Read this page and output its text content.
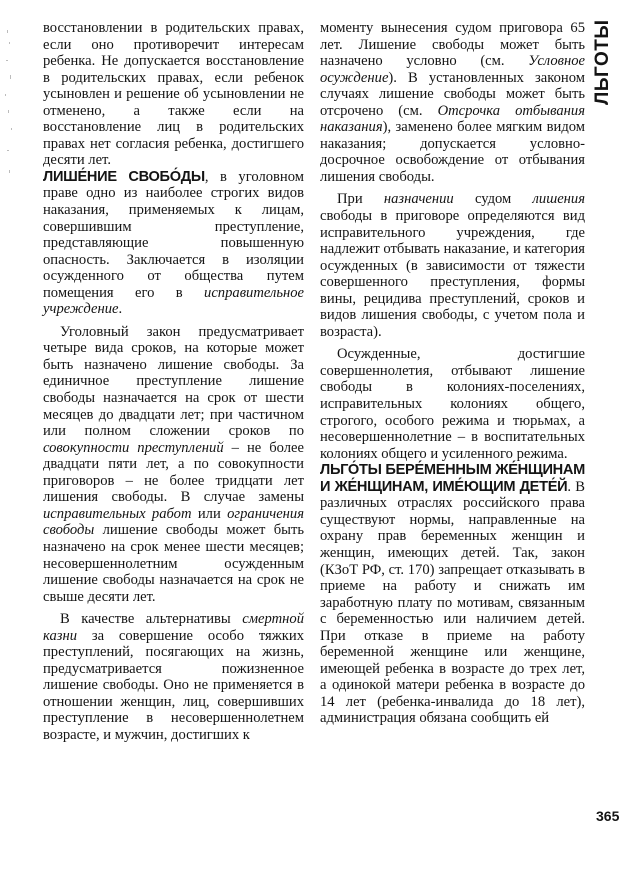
ЛЬГОТЫ

восстановлении в родительских правах, если оно противоречит интересам ребенка. Не допускается восстановление в родительских правах, если ребенок усыновлен и решение об усыновлении не отменено, а также если на восстановление лиц в родительских правах нет согласия ребенка, достигшего десяти лет.

ЛИШЕ́НИЕ СВОБО́ДЫ, в уголовном праве одно из наиболее строгих видов наказания, применяемых к лицам, совершившим преступление, представляющие повышенную опасность. Заключается в изоляции осужденного от общества путем помещения его в исправительное учреждение.

Уголовный закон предусматривает четыре вида сроков, на которые может быть назначено лишение свободы. За единичное преступление лишение свободы назначается на срок от шести месяцев до двадцати лет; при частичном или полном сложении сроков по совокупности преступлений – не более двадцати пяти лет, а по совокупности приговоров – не более тридцати лет лишения свободы. В случае замены исправительных работ или ограничения свободы лишение свободы может быть назначено на срок менее шести месяцев; несовершеннолетним осужденным лишение свободы назначается на срок не свыше десяти лет.

В качестве альтернативы смертной казни за совершение особо тяжких преступлений, посягающих на жизнь, предусматривается пожизненное лишение свободы. Оно не применяется в отношении женщин, лиц, совершивших преступление в несовершеннолетнем возрасте, и мужчин, достигших к

моменту вынесения судом приговора 65 лет. Лишение свободы может быть назначено условно (см. Условное осуждение). В установленных законом случаях лишение свободы может быть отсрочено (см. Отсрочка отбывания наказания), заменено более мягким видом наказания; допускается условно-досрочное освобождение от отбывания лишения свободы.

При назначении судом лишения свободы в приговоре определяются вид исправительного учреждения, где надлежит отбывать наказание, и категория осужденных (в зависимости от тяжести совершенного преступления, формы вины, рецидива преступлений, сроков и видов лишения свободы, с учетом пола и возраста).

Осужденные, достигшие совершеннолетия, отбывают лишение свободы в колониях-поселениях, исправительных колониях общего, строгого, особого режима и тюрьмах, а несовершеннолетние – в воспитательных колониях общего и усиленного режима.

ЛЬГО́ТЫ БЕРЕ́МЕННЫМ ЖЕ́НЩИНАМ И ЖЕ́НЩИНАМ, ИМЕ́ЮЩИМ ДЕТЕ́Й. В различных отраслях российского права существуют нормы, направленные на охрану прав беременных женщин и женщин, имеющих детей. Так, закон (КЗоТ РФ, ст. 170) запрещает отказывать в приеме на работу и снижать им заработную плату по мотивам, связанным с беременностью или наличием детей. При отказе в приеме на работу беременной женщине или женщине, имеющей ребенка в возрасте до трех лет, а одинокой матери ребенка в возрасте до 14 лет (ребенка-инвалида до 18 лет), администрация обязана сообщить ей

365
